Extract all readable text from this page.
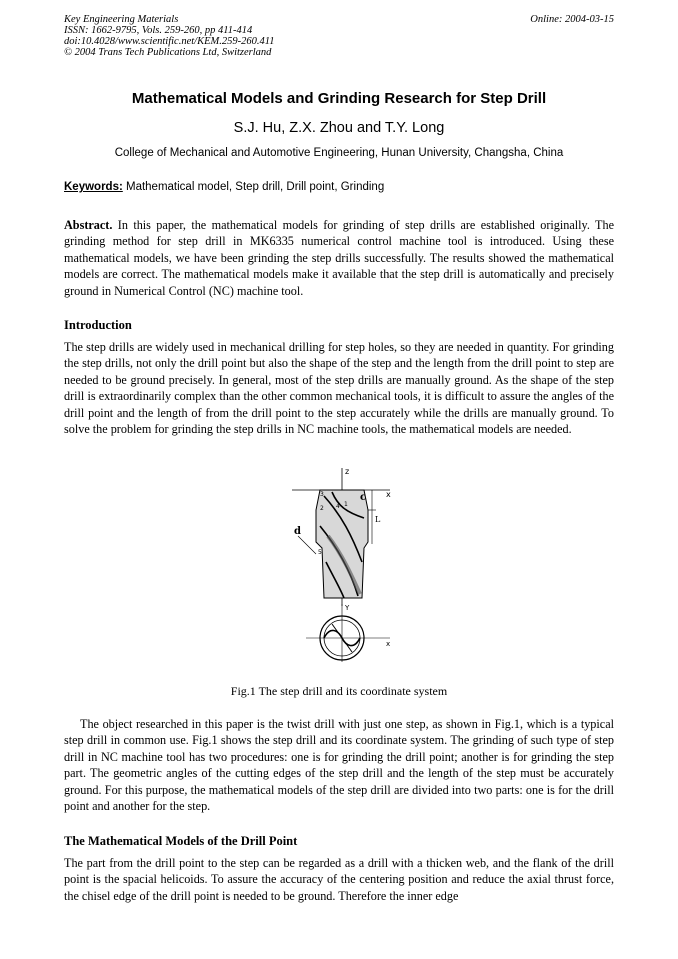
Key Engineering Materials
ISSN: 1662-9795, Vols. 259-260, pp 411-414
doi:10.4028/www.scientific.net/KEM.259-260.411
© 2004 Trans Tech Publications Ltd, Switzerland
Online: 2004-03-15
Mathematical Models and Grinding Research for Step Drill
S.J. Hu, Z.X. Zhou and T.Y. Long
College of Mechanical and Automotive Engineering, Hunan University, Changsha, China
Keywords: Mathematical model, Step drill, Drill point, Grinding
Abstract. In this paper, the mathematical models for grinding of step drills are established originally. The grinding method for step drill in MK6335 numerical control machine tool is introduced. Using these mathematical models, we have been grinding the step drills successfully. The results showed the mathematical models are correct. The mathematical models make it available that the step drill is automatically and precisely ground in Numerical Control (NC) machine tool.
Introduction
The step drills are widely used in mechanical drilling for step holes, so they are needed in quantity. For grinding the step drills, not only the drill point but also the shape of the step and the length from the drill point to step are needed to be ground precisely. In general, most of the step drills are manually ground. As the shape of the step drill is extraordinarily complex than the other common mechanical tools, it is difficult to assure the angles of the drill point and the length of from the drill point to the step accurately while the drills are manually ground. To solve the problem for grinding the step drills in NC machine tools, the mathematical models are needed.
z
x
c
L
d
3
2 4 1
5
Y
x
Fig.1 The step drill and its coordinate system
The object researched in this paper is the twist drill with just one step, as shown in Fig.1, which is a typical step drill in common use. Fig.1 shows the step drill and its coordinate system. The grinding of such type of step drill in NC machine tool has two procedures: one is for grinding the drill point; another is for grinding the step part. The geometric angles of the cutting edges of the step drill and the length of the step must be accurately ground. For this purpose, the mathematical models of the step drill are divided into two parts: one is for the drill point and another for the step.
The Mathematical Models of the Drill Point
The part from the drill point to the step can be regarded as a drill with a thicken web, and the flank of the drill point is the spacial helicoids. To assure the accuracy of the centering position and reduce the axial thrust force, the chisel edge of the drill point is needed to be ground. Therefore the inner edge
